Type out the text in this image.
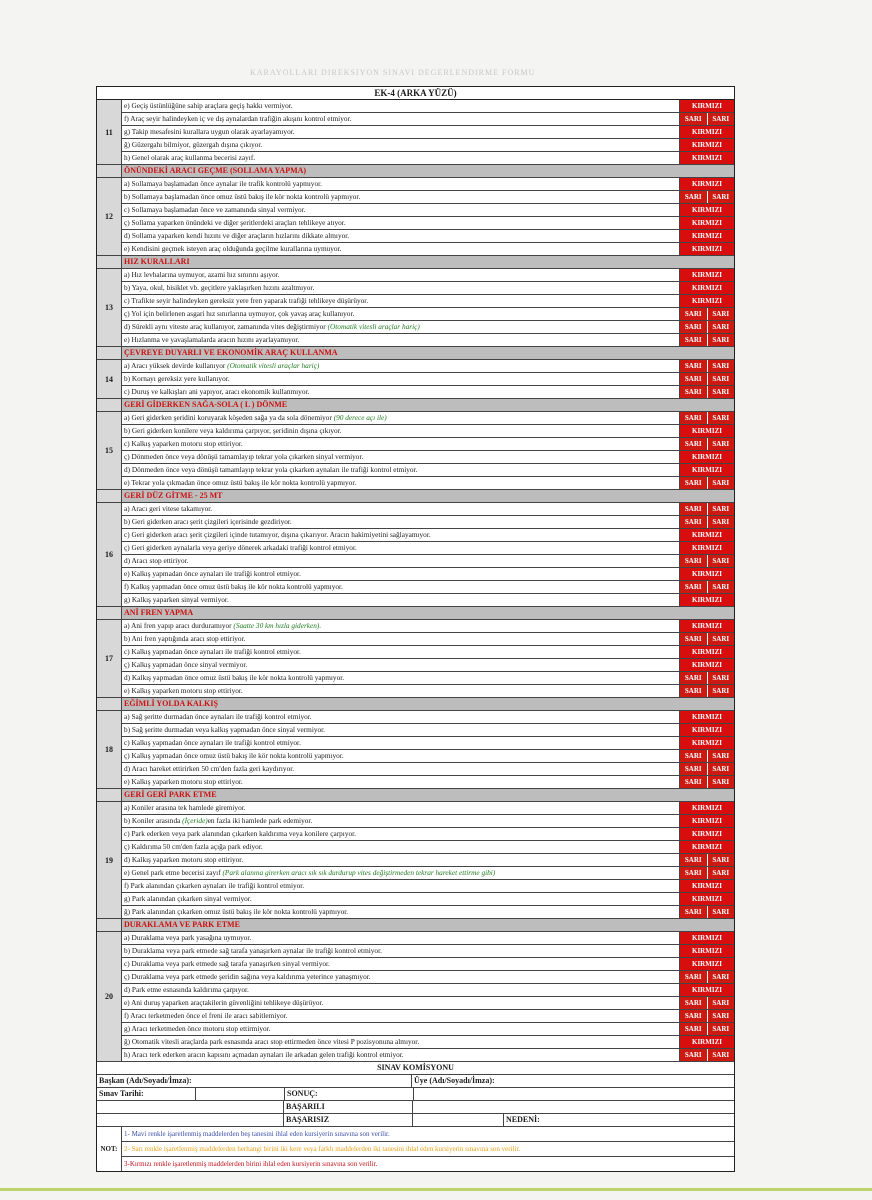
KARAYOLLARI DIREKSIYON SINAVI DEGERLENDIRME FORMU
EK-4 (ARKA YÜZÜ)
11
e) Geçiş üstünlüğüne sahip araçlara geçiş hakkı vermiyor.	KIRMIZI
f) Araç seyir halindeyken iç ve dış aynalardan trafiğin akışını kontrol etmiyor.	SARI	SARI
g) Takip mesafesini kurallara uygun olarak ayarlayamıyor.	KIRMIZI
ğ) Güzergahı bilmiyor, güzergah dışına çıkıyor.	KIRMIZI
h) Genel olarak araç kullanma becerisi zayıf.	KIRMIZI
ÖNÜNDEKİ ARACI GEÇME (SOLLAMA YAPMA)
12
a) Sollamaya başlamadan önce aynalar ile trafik kontrolü yapmıyor.	KIRMIZI
b) Sollamaya başlamadan önce omuz üstü bakış ile kör nokta kontrolü yapmıyor.	SARI	SARI
c) Sollamaya başlamadan önce ve zamanında sinyal vermiyor.	KIRMIZI
ç) Sollama yaparken önündeki ve diğer şeritlerdeki araçları tehlikeye atıyor.	KIRMIZI
d) Sollama yaparken kendi hızını ve diğer araçların hızlarını dikkate almıyor.	KIRMIZI
e) Kendisini geçmek isteyen araç olduğunda geçilme kurallarına uymuyor.	KIRMIZI
HIZ KURALLARI
13
a) Hız levhalarına uymuyor, azami hız sınırını aşıyor.	KIRMIZI
b) Yaya, okul, bisiklet vb. geçitlere yaklaşırken hızını azaltmıyor.	KIRMIZI
c) Trafikte seyir halindeyken gereksiz yere fren yaparak trafiği tehlikeye düşürüyor.	KIRMIZI
ç) Yol için belirlenen asgari hız sınırlarına uymuyor, çok yavaş araç kullanıyor.	SARI	SARI
d) Sürekli aynı viteste araç kullanıyor, zamanında vites değiştirmiyor (Otomatik vitesli araçlar hariç)	SARI	SARI
e) Hızlanma ve yavaşlamalarda aracın hızını ayarlayamıyor.	SARI	SARI
ÇEVREYE DUYARLI VE EKONOMİK ARAÇ KULLANMA
14
a) Aracı yüksek devirde kullanıyor (Otomatik vitesli araçlar hariç)	SARI	SARI
b) Kornayı gereksiz yere kullanıyor.	SARI	SARI
c) Duruş ve kalkışları ani yapıyor, aracı ekonomik kullanmıyor.	SARI	SARI
GERİ GİDERKEN SAĞA-SOLA ( L ) DÖNME
15
a) Geri giderken şeridini koruyarak köşeden sağa ya da sola dönemiyor (90 derece açı ile)	SARI	SARI
b) Geri giderken konilere veya kaldırıma çarpıyor, şeridinin dışına çıkıyor.	KIRMIZI
c) Kalkış yaparken motoru stop ettiriyor.	SARI	SARI
ç) Dönmeden önce veya dönüşü tamamlayıp tekrar yola çıkarken sinyal vermiyor.	KIRMIZI
d) Dönmeden önce veya dönüşü tamamlayıp tekrar yola çıkarken aynaları ile trafiği kontrol etmiyor.	KIRMIZI
e) Tekrar yola çıkmadan önce omuz üstü bakış ile kör nokta kontrolü yapmıyor.	SARI	SARI
GERİ DÜZ GİTME - 25 MT
16
a) Aracı geri vitese takamıyor.	SARI	SARI
b) Geri giderken aracı şerit çizgileri içerisinde gezdiriyor.	SARI	SARI
c) Geri giderken aracı şerit çizgileri içinde tutamıyor, dışına çıkarıyor. Aracın hakimiyetini sağlayamıyor.	KIRMIZI
ç) Geri giderken aynalarla veya geriye dönerek arkadaki trafiği kontrol etmiyor.	KIRMIZI
d) Aracı stop ettiriyor.	SARI	SARI
e) Kalkış yapmadan önce aynaları ile trafiği kontrol etmiyor.	KIRMIZI
f) Kalkış yapmadan önce omuz üstü bakış ile kör nokta kontrolü yapmıyor.	SARI	SARI
g) Kalkış yaparken sinyal vermiyor.	KIRMIZI
ANİ FREN YAPMA
17
a) Ani fren yapıp aracı durduramıyor (Saatte 30 km hızla giderken).	KIRMIZI
b) Ani fren yaptığında aracı stop ettiriyor.	SARI	SARI
c) Kalkış yapmadan önce aynaları ile trafiği kontrol etmiyor.	KIRMIZI
ç) Kalkış yapmadan önce sinyal vermiyor.	KIRMIZI
d) Kalkış yapmadan önce omuz üstü bakış ile kör nokta kontrolü yapmıyor.	SARI	SARI
e) Kalkış yaparken motoru stop ettiriyor.	SARI	SARI
EĞİMLİ YOLDA KALKIŞ
18
a) Sağ şeritte durmadan önce aynaları ile trafiği kontrol etmiyor.	KIRMIZI
b) Sağ şeritte durmadan veya kalkış yapmadan önce sinyal vermiyor.	KIRMIZI
c) Kalkış yapmadan önce aynaları ile trafiği kontrol etmiyor.	KIRMIZI
ç) Kalkış yapmadan önce omuz üstü bakış ile kör nokta kontrolü yapmıyor.	SARI	SARI
d) Aracı hareket ettirirken 50 cm'den fazla geri kaydırıyor.	SARI	SARI
e) Kalkış yaparken motoru stop ettiriyor.	SARI	SARI
GERİ GERİ PARK ETME
19
a) Koniler arasına tek hamlede giremiyor.	KIRMIZI
b) Koniler arasında (İçeride)en fazla iki hamlede park edemiyor.	KIRMIZI
c) Park ederken veya park alanından çıkarken kaldırıma veya konilere çarpıyor.	KIRMIZI
ç) Kaldırıma 50 cm'den fazla açığa park ediyor.	KIRMIZI
d) Kalkış yaparken motoru stop ettiriyor.	SARI	SARI
e) Genel park etme becerisi zayıf (Park alanına girerken aracı sık sık durdurup vites değiştirmeden tekrar hareket ettirme gibi)	SARI	SARI
f) Park alanından çıkarken aynaları ile trafiği kontrol etmiyor.	KIRMIZI
g) Park alanından çıkarken sinyal vermiyor.	KIRMIZI
ğ) Park alanından çıkarken omuz üstü bakış ile kör nokta kontrolü yapmıyor.	SARI	SARI
DURAKLAMA VE PARK ETME
20
a) Duraklama veya park yasağına uymuyor.	KIRMIZI
b) Duraklama veya park etmede sağ tarafa yanaşırken aynalar ile trafiği kontrol etmiyor.	KIRMIZI
c) Duraklama veya park etmede sağ tarafa yanaşırken sinyal vermiyor.	KIRMIZI
ç) Duraklama veya park etmede şeridin sağına veya kaldırıma yeterince yanaşmıyor.	SARI	SARI
d) Park etme esnasında kaldırıma çarpıyor.	KIRMIZI
e) Ani duruş yaparken araçtakilerin güvenliğini tehlikeye düşürüyor.	SARI	SARI
f) Aracı terketmeden önce el freni ile aracı sabitlemiyor.	SARI	SARI
g) Aracı terketmeden önce motoru stop ettirmiyor.	SARI	SARI
ğ) Otomatik vitesli araçlarda park esnasında aracı stop ettirmeden önce vitesi P pozisyonuna almıyor.	KIRMIZI
h) Aracı terk ederken aracın kapısını açmadan aynaları ile arkadan gelen trafiği kontrol etmiyor.	SARI	SARI
SINAV KOMİSYONU
Başkan (Adı/Soyadı/İmza):	Üye (Adı/Soyadı/İmza):
Sınav Tarihi:	SONUÇ:
BAŞARILI
BAŞARISIZ	NEDENİ:
NOT:
1- Mavi renkle işaretlenmiş maddelerden beş tanesini ihlal eden kursiyerin sınavına son verilir.
2- Sarı renkle işaretlenmiş maddelerden herhangi birini iki kere veya farklı maddelerden iki tanesini ihlal eden kursiyerin sınavına son verilir.
3-Kırmızı renkle işaretlenmiş maddelerden birini ihlal eden kursiyerin sınavına son verilir.
